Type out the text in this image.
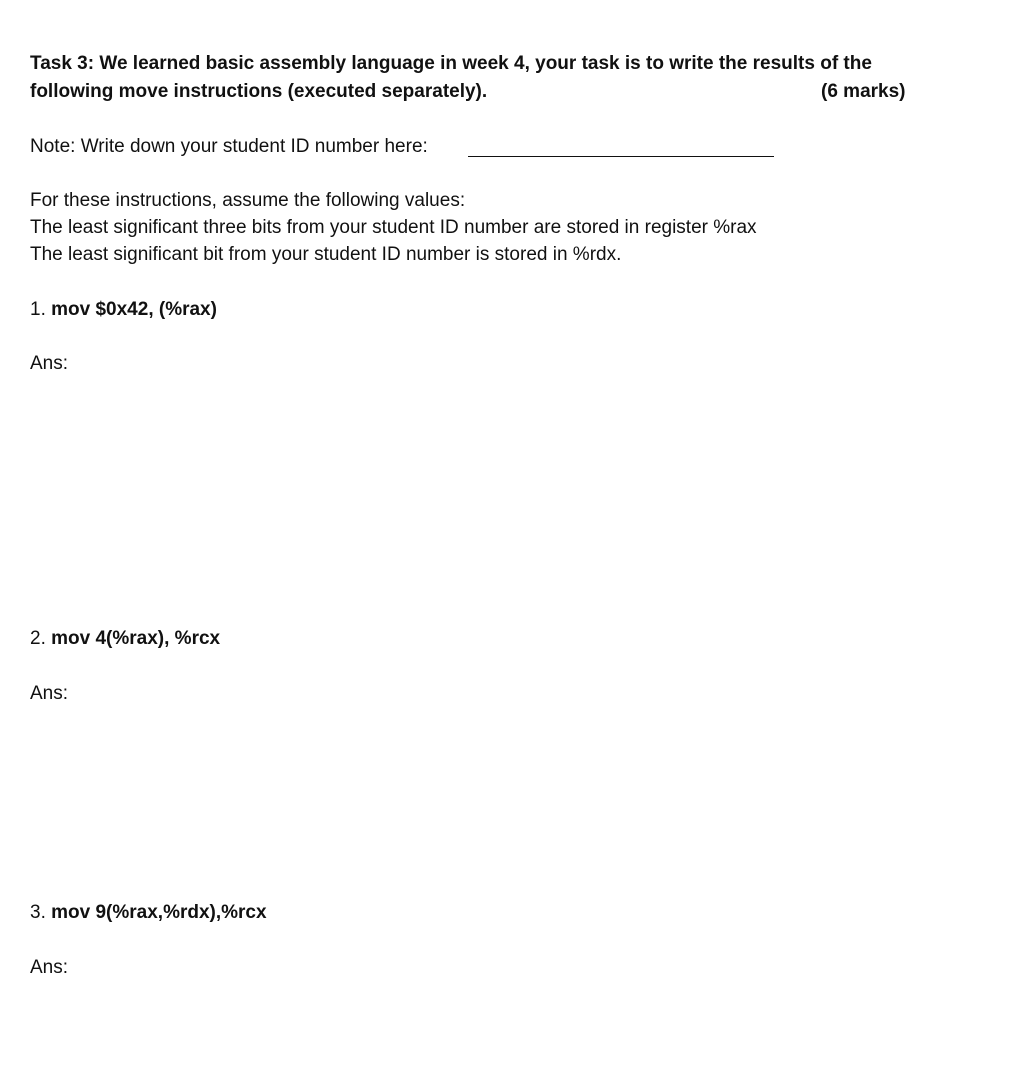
Task 3: We learned basic assembly language in week 4, your task is to write the results of the
following move instructions (executed separately).	(6 marks)
Note: Write down your student ID number here:
For these instructions, assume the following values:
The least significant three bits from your student ID number are stored in register %rax
The least significant bit from your student ID number is stored in %rdx.
1. mov $0x42, (%rax)
Ans:
2. mov 4(%rax), %rcx
Ans:
3. mov 9(%rax,%rdx),%rcx
Ans:
